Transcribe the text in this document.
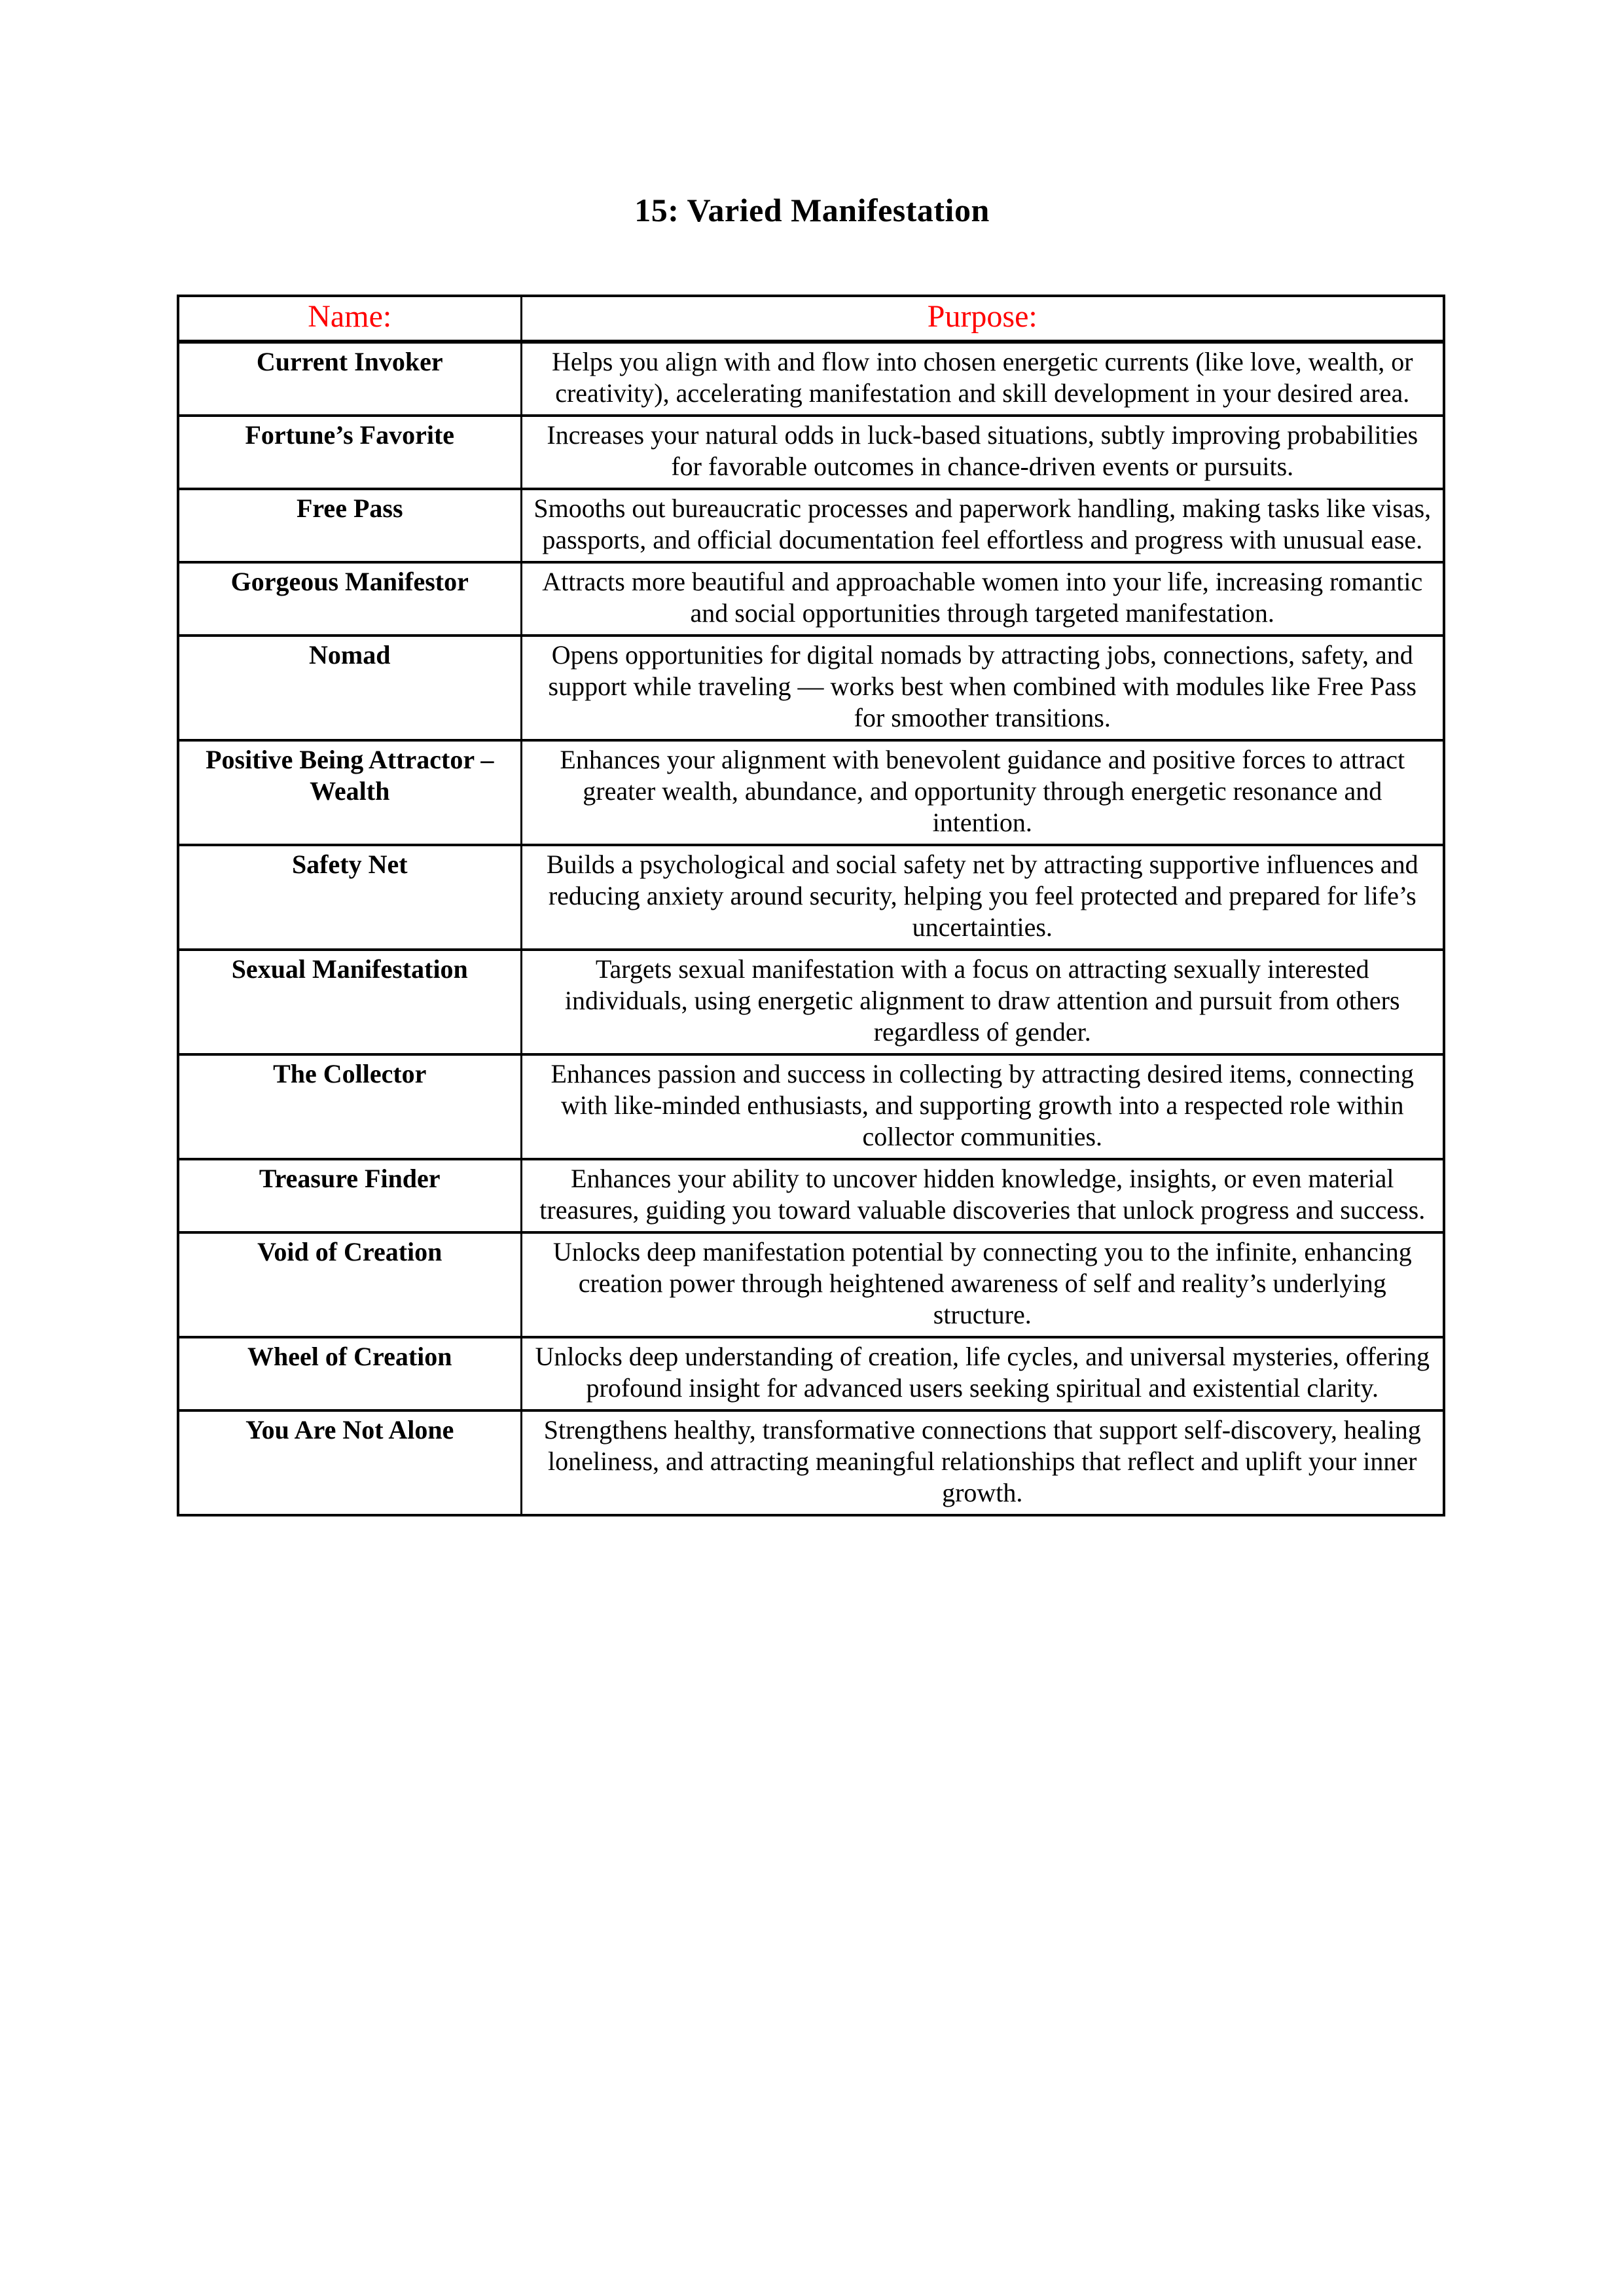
15: Varied Manifestation
Name:	Purpose:
Current Invoker	Helps you align with and flow into chosen energetic currents (like love, wealth, or creativity), accelerating manifestation and skill development in your desired area.
Fortune’s Favorite	Increases your natural odds in luck-based situations, subtly improving probabilities for favorable outcomes in chance-driven events or pursuits.
Free Pass	Smooths out bureaucratic processes and paperwork handling, making tasks like visas, passports, and official documentation feel effortless and progress with unusual ease.
Gorgeous Manifestor	Attracts more beautiful and approachable women into your life, increasing romantic and social opportunities through targeted manifestation.
Nomad	Opens opportunities for digital nomads by attracting jobs, connections, safety, and support while traveling — works best when combined with modules like Free Pass for smoother transitions.
Positive Being Attractor – Wealth	Enhances your alignment with benevolent guidance and positive forces to attract greater wealth, abundance, and opportunity through energetic resonance and intention.
Safety Net	Builds a psychological and social safety net by attracting supportive influences and reducing anxiety around security, helping you feel protected and prepared for life’s uncertainties.
Sexual Manifestation	Targets sexual manifestation with a focus on attracting sexually interested individuals, using energetic alignment to draw attention and pursuit from others regardless of gender.
The Collector	Enhances passion and success in collecting by attracting desired items, connecting with like-minded enthusiasts, and supporting growth into a respected role within collector communities.
Treasure Finder	Enhances your ability to uncover hidden knowledge, insights, or even material treasures, guiding you toward valuable discoveries that unlock progress and success.
Void of Creation	Unlocks deep manifestation potential by connecting you to the infinite, enhancing creation power through heightened awareness of self and reality’s underlying structure.
Wheel of Creation	Unlocks deep understanding of creation, life cycles, and universal mysteries, offering profound insight for advanced users seeking spiritual and existential clarity.
You Are Not Alone	Strengthens healthy, transformative connections that support self-discovery, healing loneliness, and attracting meaningful relationships that reflect and uplift your inner growth.
